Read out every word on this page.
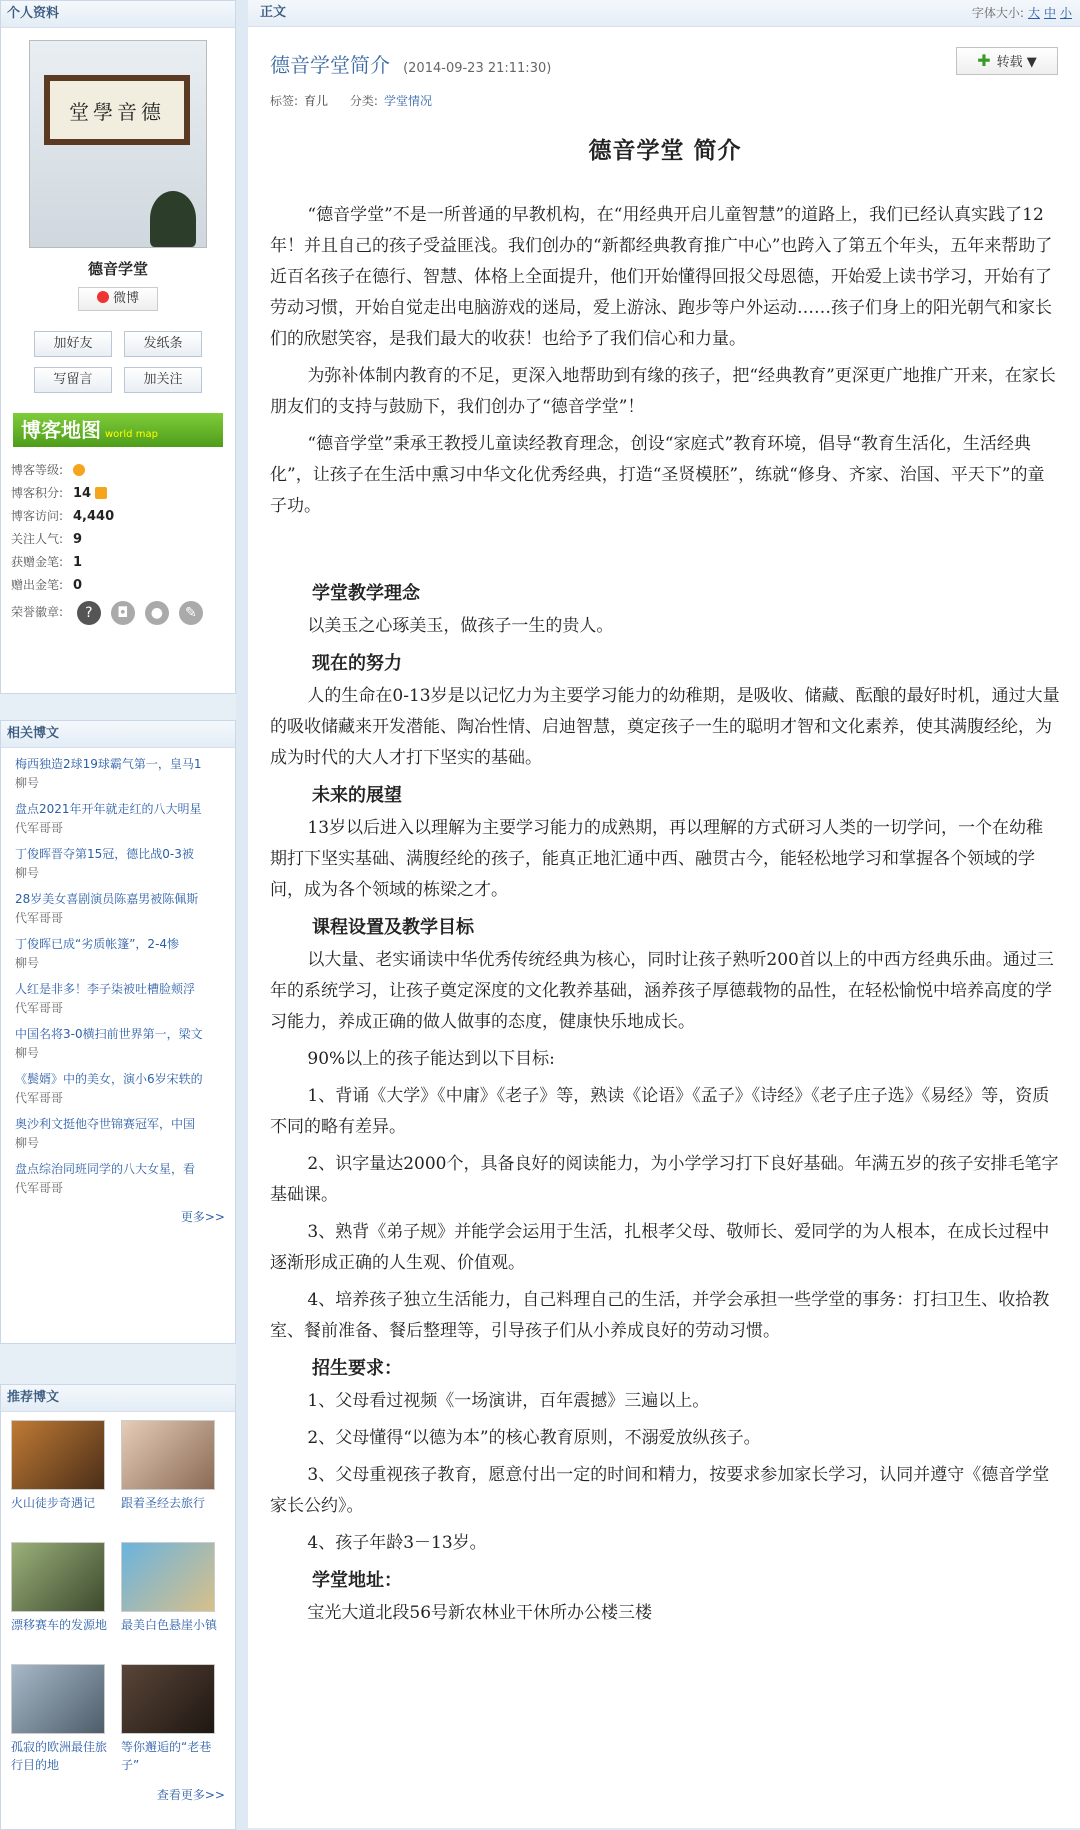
个人资料
堂學音德
德音学堂
微博
加好友	发纸条
写留言	加关注
博客地图 world map
博客等级:
博客积分: 14
博客访问: 4,440
关注人气: 9
获赠金笔: 1
赠出金笔: 0
荣誉徽章:	?	◘	●	✎
相关博文
梅西独造2球19球霸气第一，皇马1
柳号
盘点2021年开年就走红的八大明星
代军哥哥
丁俊晖晋夺第15冠，德比战0-3被
柳号
28岁美女喜剧演员陈嘉男被陈佩斯
代军哥哥
丁俊晖已成“劣质帐篷”，2-4惨
柳号
人红是非多！李子柒被吐槽脸颊浮
代军哥哥
中国名将3-0横扫前世界第一，梁文
柳号
《鬓婿》中的美女，演小6岁宋轶的
代军哥哥
奥沙利文挺他夺世锦赛冠军，中国
柳号
盘点综治同班同学的八大女星，看
代军哥哥
更多>>
推荐博文
火山徒步奇遇记	跟着圣经去旅行
漂移赛车的发源地 最美白色悬崖小镇
孤寂的欧洲最佳旅行目的地
等你邂逅的“老巷子”
查看更多>>
正文	字体大小: 大 中 小
德音学堂简介 (2014-09-23 21:11:30)	✚ 转载 ▼
标签: 育儿 分类: 学堂情况
德音学堂 简介

“德音学堂”不是一所普通的早教机构，在“用经典开启儿童智慧”的道路上，我们已经认真实践了12年！并且自己的孩子受益匪浅。我们创办的“新都经典教育推广中心”也跨入了第五个年头，五年来帮助了近百名孩子在德行、智慧、体格上全面提升，他们开始懂得回报父母恩德，开始爱上读书学习，开始有了劳动习惯，开始自觉走出电脑游戏的迷局，爱上游泳、跑步等户外运动……孩子们身上的阳光朝气和家长们的欣慰笑容，是我们最大的收获！也给予了我们信心和力量。

为弥补体制内教育的不足，更深入地帮助到有缘的孩子，把“经典教育”更深更广地推广开来，在家长朋友们的支持与鼓励下，我们创办了“德音学堂”！

“德音学堂”秉承王教授儿童读经教育理念，创设“家庭式”教育环境，倡导“教育生活化，生活经典化”，让孩子在生活中熏习中华文化优秀经典，打造“圣贤模胚”，练就“修身、齐家、治国、平天下”的童子功。

学堂教学理念

以美玉之心琢美玉，做孩子一生的贵人。

现在的努力

人的生命在0-13岁是以记忆力为主要学习能力的幼稚期，是吸收、储藏、酝酿的最好时机，通过大量的吸收储藏来开发潜能、陶冶性情、启迪智慧，奠定孩子一生的聪明才智和文化素养，使其满腹经纶，为成为时代的大人才打下坚实的基础。

未来的展望

13岁以后进入以理解为主要学习能力的成熟期，再以理解的方式研习人类的一切学问，一个在幼稚期打下坚实基础、满腹经纶的孩子，能真正地汇通中西、融贯古今，能轻松地学习和掌握各个领域的学问，成为各个领域的栋梁之才。

课程设置及教学目标

以大量、老实诵读中华优秀传统经典为核心，同时让孩子熟听200首以上的中西方经典乐曲。通过三年的系统学习，让孩子奠定深度的文化教养基础，涵养孩子厚德载物的品性，在轻松愉悦中培养高度的学习能力，养成正确的做人做事的态度，健康快乐地成长。

90%以上的孩子能达到以下目标:

1、背诵《大学》《中庸》《老子》等，熟读《论语》《孟子》《诗经》《老子庄子选》《易经》等，资质不同的略有差异。

2、识字量达2000个，具备良好的阅读能力，为小学学习打下良好基础。年满五岁的孩子安排毛笔字基础课。

3、熟背《弟子规》并能学会运用于生活，扎根孝父母、敬师长、爱同学的为人根本，在成长过程中逐渐形成正确的人生观、价值观。

4、培养孩子独立生活能力，自己料理自己的生活，并学会承担一些学堂的事务：打扫卫生、收拾教室、餐前准备、餐后整理等，引导孩子们从小养成良好的劳动习惯。

招生要求：

1、父母看过视频《一场演讲，百年震撼》三遍以上。

2、父母懂得“以德为本”的核心教育原则，不溺爱放纵孩子。

3、父母重视孩子教育，愿意付出一定的时间和精力，按要求参加家长学习，认同并遵守《德音学堂家长公约》。

4、孩子年龄3－13岁。

学堂地址：

宝光大道北段56号新农林业干休所办公楼三楼
